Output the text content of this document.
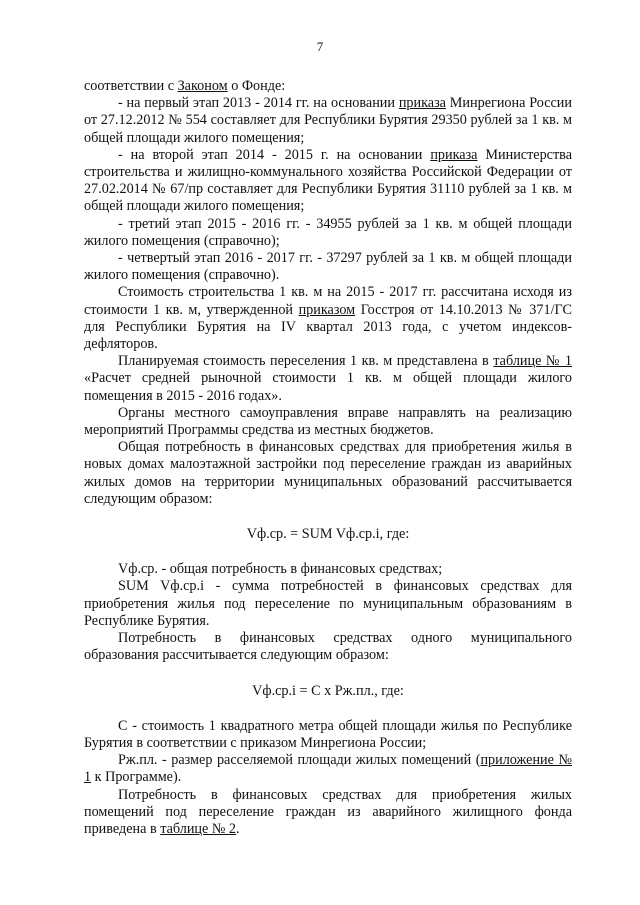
7

соответствии с Законом о Фонде:

- на первый этап 2013 - 2014 гг. на основании приказа Минрегиона России от 27.12.2012 № 554 составляет для Республики Бурятия 29350 рублей за 1 кв. м общей площади жилого помещения;

- на второй этап 2014 - 2015 г. на основании приказа Министерства строительства и жилищно-коммунального хозяйства Российской Федерации от 27.02.2014 № 67/пр составляет для Республики Бурятия 31110 рублей за 1 кв. м общей площади жилого помещения;

- третий этап 2015 - 2016 гг. - 34955 рублей за 1 кв. м общей площади жилого помещения (справочно);

- четвертый этап 2016 - 2017 гг. - 37297 рублей за 1 кв. м общей площади жилого помещения (справочно).

Стоимость строительства 1 кв. м на 2015 - 2017 гг. рассчитана исходя из стоимости 1 кв. м, утвержденной приказом Госстроя от 14.10.2013 № 371/ГС для Республики Бурятия на IV квартал 2013 года, с учетом индексов-дефляторов.

Планируемая стоимость переселения 1 кв. м представлена в таблице № 1 «Расчет средней рыночной стоимости 1 кв. м общей площади жилого помещения в 2015 - 2016 годах».

Органы местного самоуправления вправе направлять на реализацию мероприятий Программы средства из местных бюджетов.

Общая потребность в финансовых средствах для приобретения жилья в новых домах малоэтажной застройки под переселение граждан из аварийных жилых домов на территории муниципальных образований рассчитывается следующим образом:

Vф.ср. = SUM Vф.ср.i, где:

Vф.ср. - общая потребность в финансовых средствах;

SUM Vф.ср.i - сумма потребностей в финансовых средствах для приобретения жилья под переселение по муниципальным образованиям в Республике Бурятия.

Потребность в финансовых средствах одного муниципального образования рассчитывается следующим образом:

Vф.ср.i = C x Рж.пл., где:

C - стоимость 1 квадратного метра общей площади жилья по Республике Бурятия в соответствии с приказом Минрегиона России;

Рж.пл. - размер расселяемой площади жилых помещений (приложение № 1 к Программе).

Потребность в финансовых средствах для приобретения жилых помещений под переселение граждан из аварийного жилищного фонда приведена в таблице № 2.
